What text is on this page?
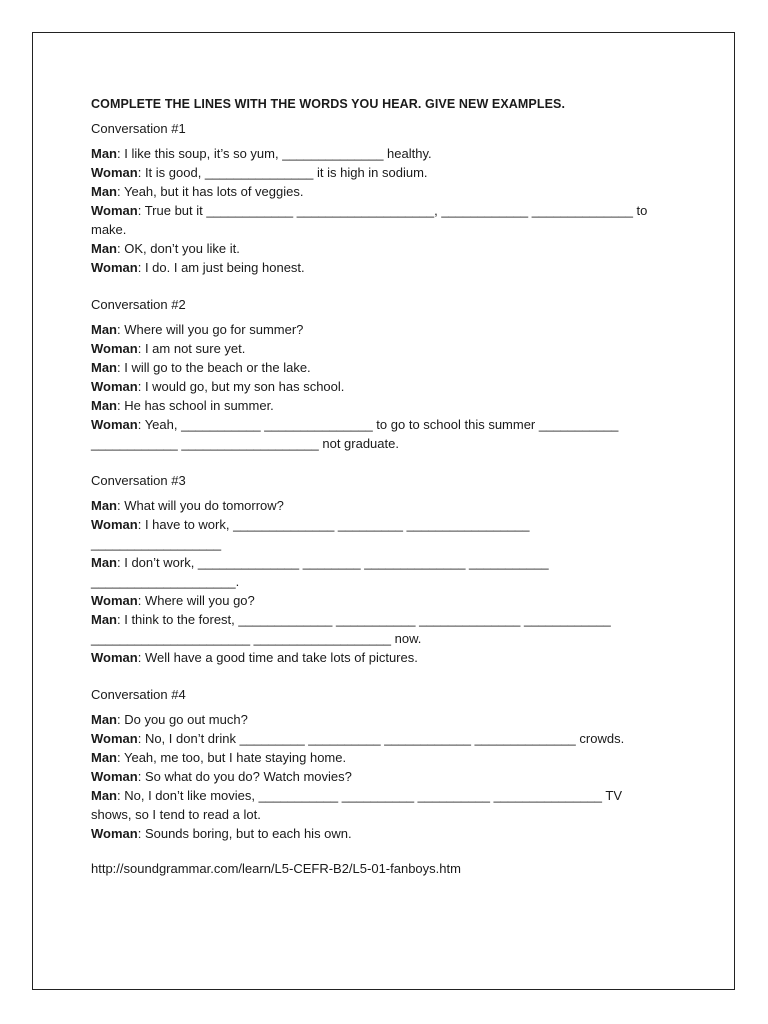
COMPLETE THE LINES WITH THE WORDS YOU HEAR. GIVE NEW EXAMPLES.
Conversation #1
Man: I like this soup, it’s so yum, ______________ healthy.
Woman: It is good, _______________ it is high in sodium.
Man: Yeah, but it has lots of veggies.
Woman: True but it ____________ ___________________, ____________ ______________ to
make.
Man: OK, don’t you like it.
Woman: I do. I am just being honest.
Conversation #2
Man: Where will you go for summer?
Woman: I am not sure yet.
Man: I will go to the beach or the lake.
Woman: I would go, but my son has school.
Man: He has school in summer.
Woman: Yeah, ___________ _______________ to go to school this summer ___________
____________ ___________________ not graduate.
Conversation #3
Man: What will you do tomorrow?
Woman: I have to work, ______________ _________ _________________
__________________
Man: I don’t work, ______________ ________ ______________ ___________
____________________.
Woman: Where will you go?
Man: I think to the forest, _____________ ___________ ______________ ____________
______________________ ___________________ now.
Woman: Well have a good time and take lots of pictures.
Conversation #4
Man: Do you go out much?
Woman: No, I don’t drink _________ __________ ____________ ______________ crowds.
Man: Yeah, me too, but I hate staying home.
Woman: So what do you do? Watch movies?
Man: No, I don’t like movies, ___________ __________ __________ _______________ TV
shows, so I tend to read a lot.
Woman: Sounds boring, but to each his own.
http://soundgrammar.com/learn/L5-CEFR-B2/L5-01-fanboys.htm
